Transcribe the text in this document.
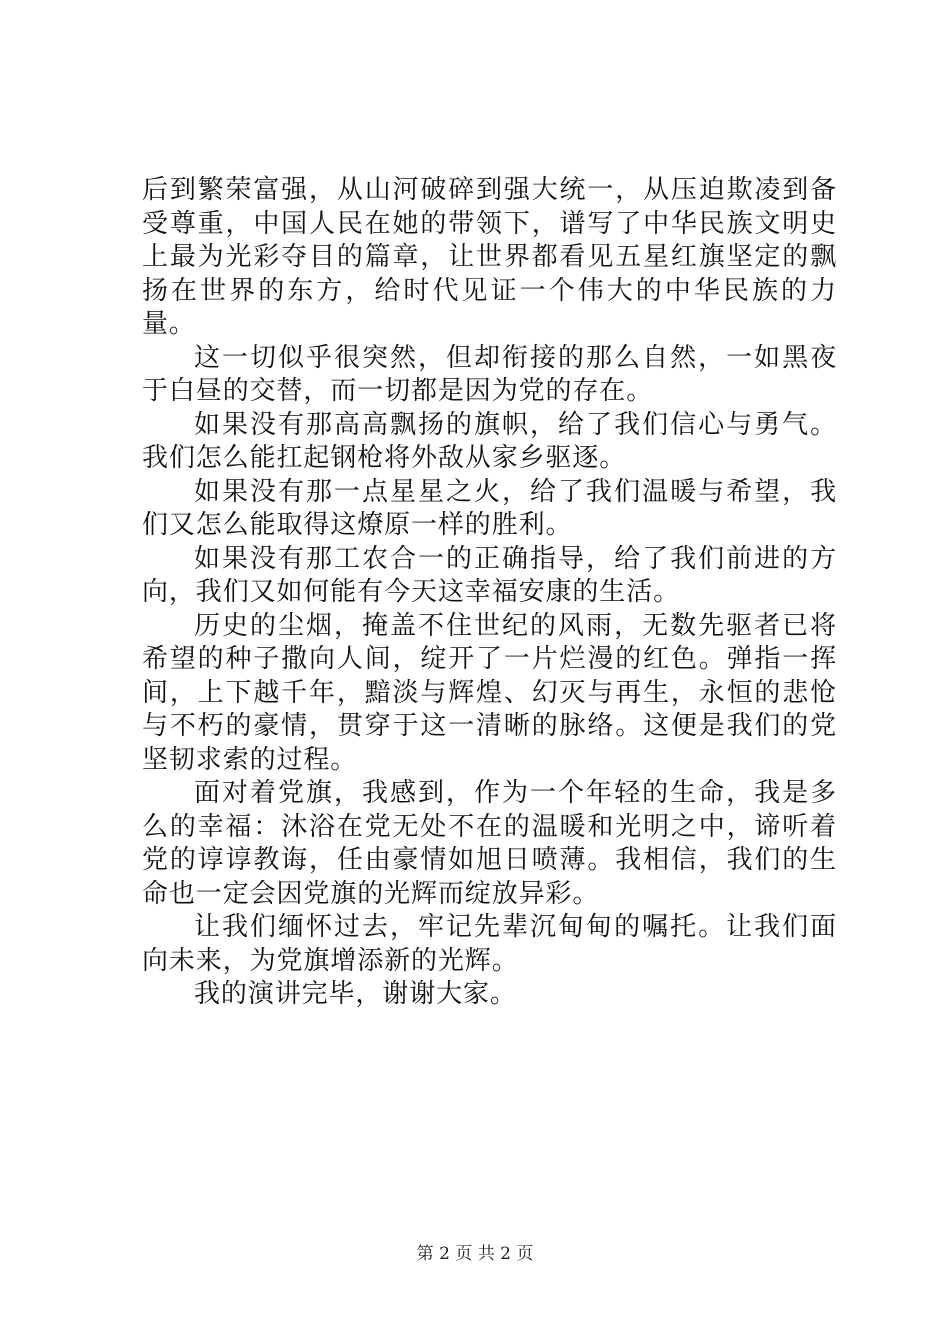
后到繁荣富强，从山河破碎到强大统一，从压迫欺凌到备受尊重，中国人民在她的带领下，谱写了中华民族文明史上最为光彩夺目的篇章，让世界都看见五星红旗坚定的飘扬在世界的东方，给时代见证一个伟大的中华民族的力量。

这一切似乎很突然，但却衔接的那么自然，一如黑夜于白昼的交替，而一切都是因为党的存在。

如果没有那高高飘扬的旗帜，给了我们信心与勇气。我们怎么能扛起钢枪将外敌从家乡驱逐。

如果没有那一点星星之火，给了我们温暖与希望，我们又怎么能取得这燎原一样的胜利。

如果没有那工农合一的正确指导，给了我们前进的方向，我们又如何能有今天这幸福安康的生活。

历史的尘烟，掩盖不住世纪的风雨，无数先驱者已将希望的种子撒向人间，绽开了一片烂漫的红色。弹指一挥间，上下越千年，黯淡与辉煌、幻灭与再生，永恒的悲怆与不朽的豪情，贯穿于这一清晰的脉络。这便是我们的党坚韧求索的过程。

面对着党旗，我感到，作为一个年轻的生命，我是多么的幸福：沐浴在党无处不在的温暖和光明之中，谛听着党的谆谆教诲，任由豪情如旭日喷薄。我相信，我们的生命也一定会因党旗的光辉而绽放异彩。

让我们缅怀过去，牢记先辈沉甸甸的嘱托。让我们面向未来，为党旗增添新的光辉。

我的演讲完毕，谢谢大家。

第 2 页 共 2 页
